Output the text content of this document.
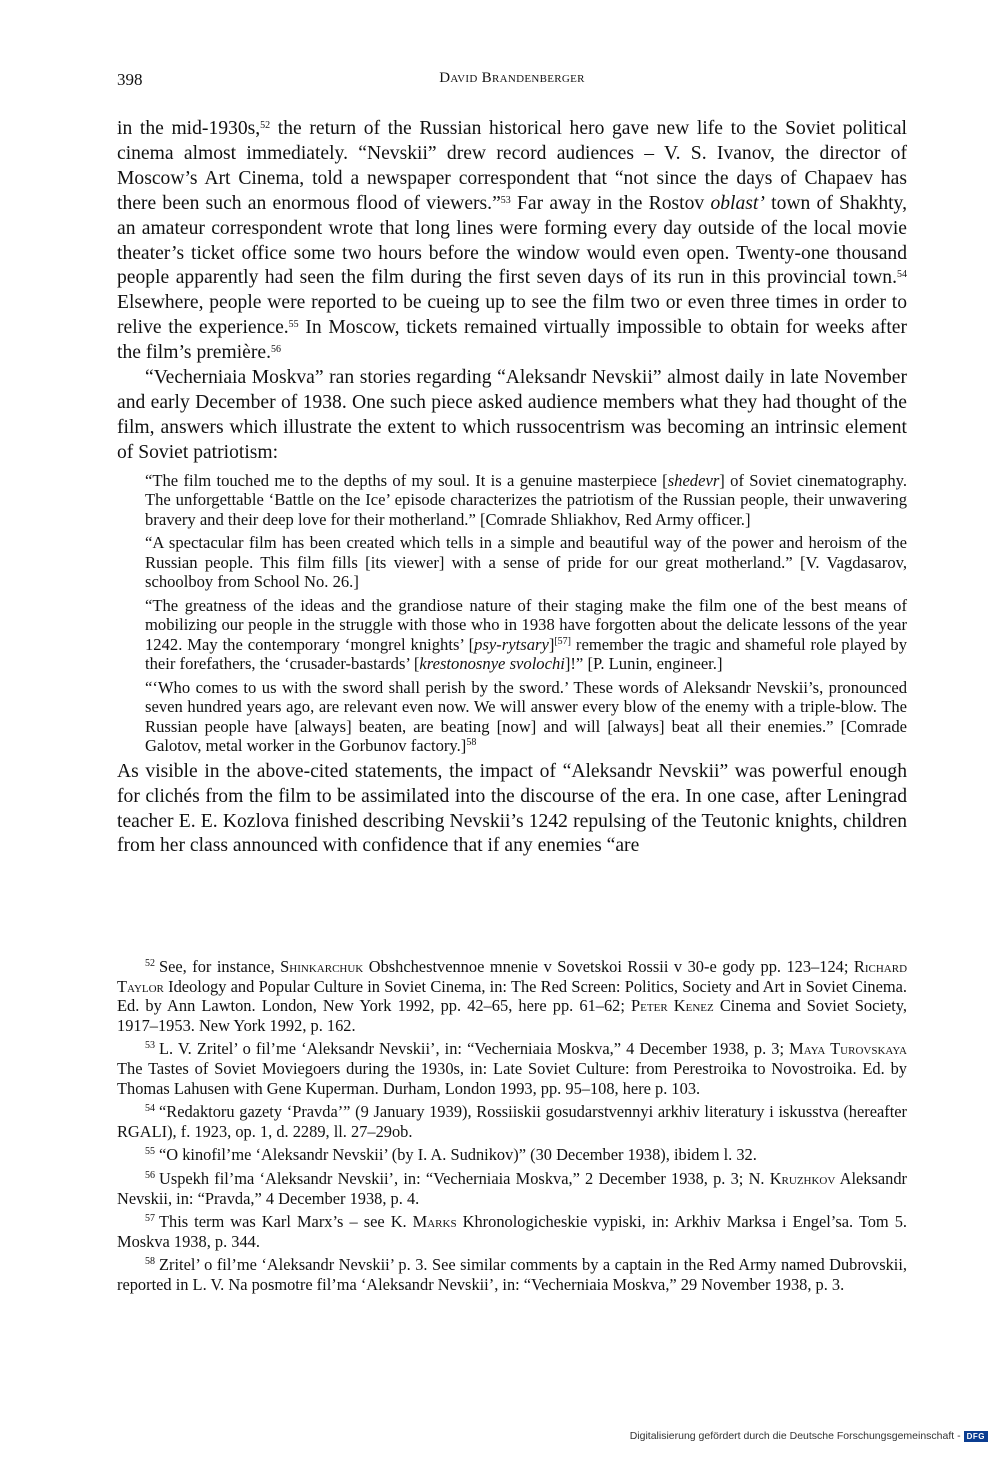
398	David Brandenberger

in the mid-1930s,$^{52}$ the return of the Russian historical hero gave new life to the Soviet political cinema almost immediately. “Nevskii” drew record audiences – V. S. Ivanov, the director of Moscow’s Art Cinema, told a newspaper correspondent that “not since the days of Chapaev has there been such an enormous flood of viewers.”$^{53}$ Far away in the Rostov oblast’ town of Shakhty, an amateur correspondent wrote that long lines were forming every day outside of the local movie theater’s ticket office some two hours before the window would even open. Twenty-one thousand people apparently had seen the film during the first seven days of its run in this provincial town.$^{54}$ Elsewhere, people were reported to be cueing up to see the film two or even three times in order to relive the experience.$^{55}$ In Moscow, tickets remained virtually impossible to obtain for weeks after the film’s première.$^{56}$

“Vecherniaia Moskva” ran stories regarding “Aleksandr Nevskii” almost daily in late November and early December of 1938. One such piece asked audience members what they had thought of the film, answers which illustrate the extent to which russocentrism was becoming an intrinsic element of Soviet patriotism:

“The film touched me to the depths of my soul. It is a genuine masterpiece [shedevr] of Soviet cinematography. The unforgettable ‘Battle on the Ice’ episode characterizes the patriotism of the Russian people, their unwavering bravery and their deep love for their motherland.” [Comrade Shliakhov, Red Army officer.]

“A spectacular film has been created which tells in a simple and beautiful way of the power and heroism of the Russian people. This film fills [its viewer] with a sense of pride for our great motherland.” [V. Vagdasarov, schoolboy from School No. 26.]

“The greatness of the ideas and the grandiose nature of their staging make the film one of the best means of mobilizing our people in the struggle with those who in 1938 have forgotten about the delicate lessons of the year 1242. May the contemporary ‘mongrel knights’ [psy-rytsary][57] remember the tragic and shameful role played by their forefathers, the ‘crusader-bastards’ [krestonosnye svolochi]!” [P. Lunin, engineer.]

“‘Who comes to us with the sword shall perish by the sword.’ These words of Aleksandr Nevskii’s, pronounced seven hundred years ago, are relevant even now. We will answer every blow of the enemy with a triple-blow. The Russian people have [always] beaten, are beating [now] and will [always] beat all their enemies.” [Comrade Galotov, metal worker in the Gorbunov factory.]$^{58}$

As visible in the above-cited statements, the impact of “Aleksandr Nevskii” was powerful enough for clichés from the film to be assimilated into the discourse of the era. In one case, after Leningrad teacher E. E. Kozlova finished describing Nevskii’s 1242 repulsing of the Teutonic knights, children from her class announced with confidence that if any enemies “are

$^{52}$ See, for instance, Shinkarchuk Obshchestvennoe mnenie v Sovetskoi Rossii v 30-e gody pp. 123–124; Richard Taylor Ideology and Popular Culture in Soviet Cinema, in: The Red Screen: Politics, Society and Art in Soviet Cinema. Ed. by Ann Lawton. London, New York 1992, pp. 42–65, here pp. 61–62; Peter Kenez Cinema and Soviet Society, 1917–1953. New York 1992, p. 162.

$^{53}$ L. V. Zritel’ o fil’me ‘Aleksandr Nevskii’, in: “Vecherniaia Moskva,” 4 December 1938, p. 3; Maya Turovskaya The Tastes of Soviet Moviegoers during the 1930s, in: Late Soviet Culture: from Perestroika to Novostroika. Ed. by Thomas Lahusen with Gene Kuperman. Durham, London 1993, pp. 95–108, here p. 103.

$^{54}$ “Redaktoru gazety ‘Pravda’” (9 January 1939), Rossiiskii gosudarstvennyi arkhiv literatury i iskusstva (hereafter RGALI), f. 1923, op. 1, d. 2289, ll. 27–29ob.

$^{55}$ “O kinofil’me ‘Aleksandr Nevskii’ (by I. A. Sudnikov)” (30 December 1938), ibidem l. 32.

$^{56}$ Uspekh fil’ma ‘Aleksandr Nevskii’, in: “Vecherniaia Moskva,” 2 December 1938, p. 3; N. Kruzhkov Aleksandr Nevskii, in: “Pravda,” 4 December 1938, p. 4.

$^{57}$ This term was Karl Marx’s – see K. Marks Khronologicheskie vypiski, in: Arkhiv Marksa i Engel’sa. Tom 5. Moskva 1938, p. 344.

$^{58}$ Zritel’ o fil’me ‘Aleksandr Nevskii’ p. 3. See similar comments by a captain in the Red Army named Dubrovskii, reported in L. V. Na posmotre fil’ma ‘Aleksandr Nevskii’, in: “Vecherniaia Moskva,” 29 November 1938, p. 3.

Digitalisierung gefördert durch die Deutsche Forschungsgemeinschaft - DFG
